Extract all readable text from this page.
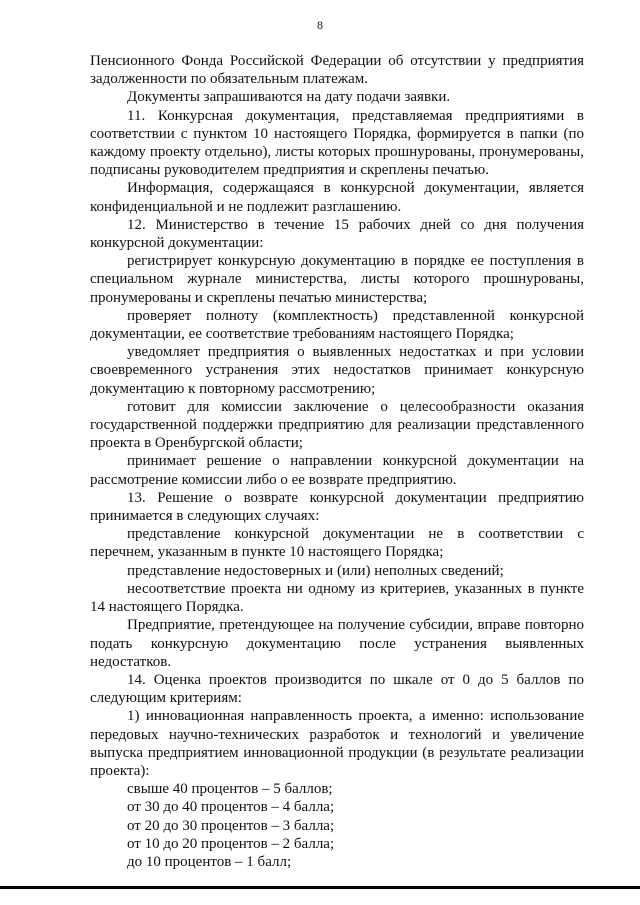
8

Пенсионного Фонда Российской Федерации об отсутствии у предприятия задолженности по обязательным платежам.

Документы запрашиваются на дату подачи заявки.

11. Конкурсная документация, представляемая предприятиями в соответствии с пунктом 10 настоящего Порядка, формируется в папки (по каждому проекту отдельно), листы которых прошнурованы, пронумерованы, подписаны руководителем предприятия и скреплены печатью.

Информация, содержащаяся в конкурсной документации, является конфиденциальной и не подлежит разглашению.

12. Министерство в течение 15 рабочих дней со дня получения конкурсной документации:

регистрирует конкурсную документацию в порядке ее поступления в специальном журнале министерства, листы которого прошнурованы, пронумерованы и скреплены печатью министерства;

проверяет полноту (комплектность) представленной конкурсной документации, ее соответствие требованиям настоящего Порядка;

уведомляет предприятия о выявленных недостатках и при условии своевременного устранения этих недостатков принимает конкурсную документацию к повторному рассмотрению;

готовит для комиссии заключение о целесообразности оказания государственной поддержки предприятию для реализации представленного проекта в Оренбургской области;

принимает решение о направлении конкурсной документации на рассмотрение комиссии либо о ее возврате предприятию.

13. Решение о возврате конкурсной документации предприятию принимается в следующих случаях:

представление конкурсной документации не в соответствии с перечнем, указанным в пункте 10 настоящего Порядка;

представление недостоверных и (или) неполных сведений;

несоответствие проекта ни одному из критериев, указанных в пункте 14 настоящего Порядка.

Предприятие, претендующее на получение субсидии, вправе повторно подать конкурсную документацию после устранения выявленных недостатков.

14. Оценка проектов производится по шкале от 0 до 5 баллов по следующим критериям:

1) инновационная направленность проекта, а именно: использование передовых научно-технических разработок и технологий и увеличение выпуска предприятием инновационной продукции (в результате реализации проекта):

свыше 40 процентов – 5 баллов;

от 30 до 40 процентов – 4 балла;

от 20 до 30 процентов – 3 балла;

от 10 до 20 процентов – 2 балла;

до 10 процентов – 1 балл;
